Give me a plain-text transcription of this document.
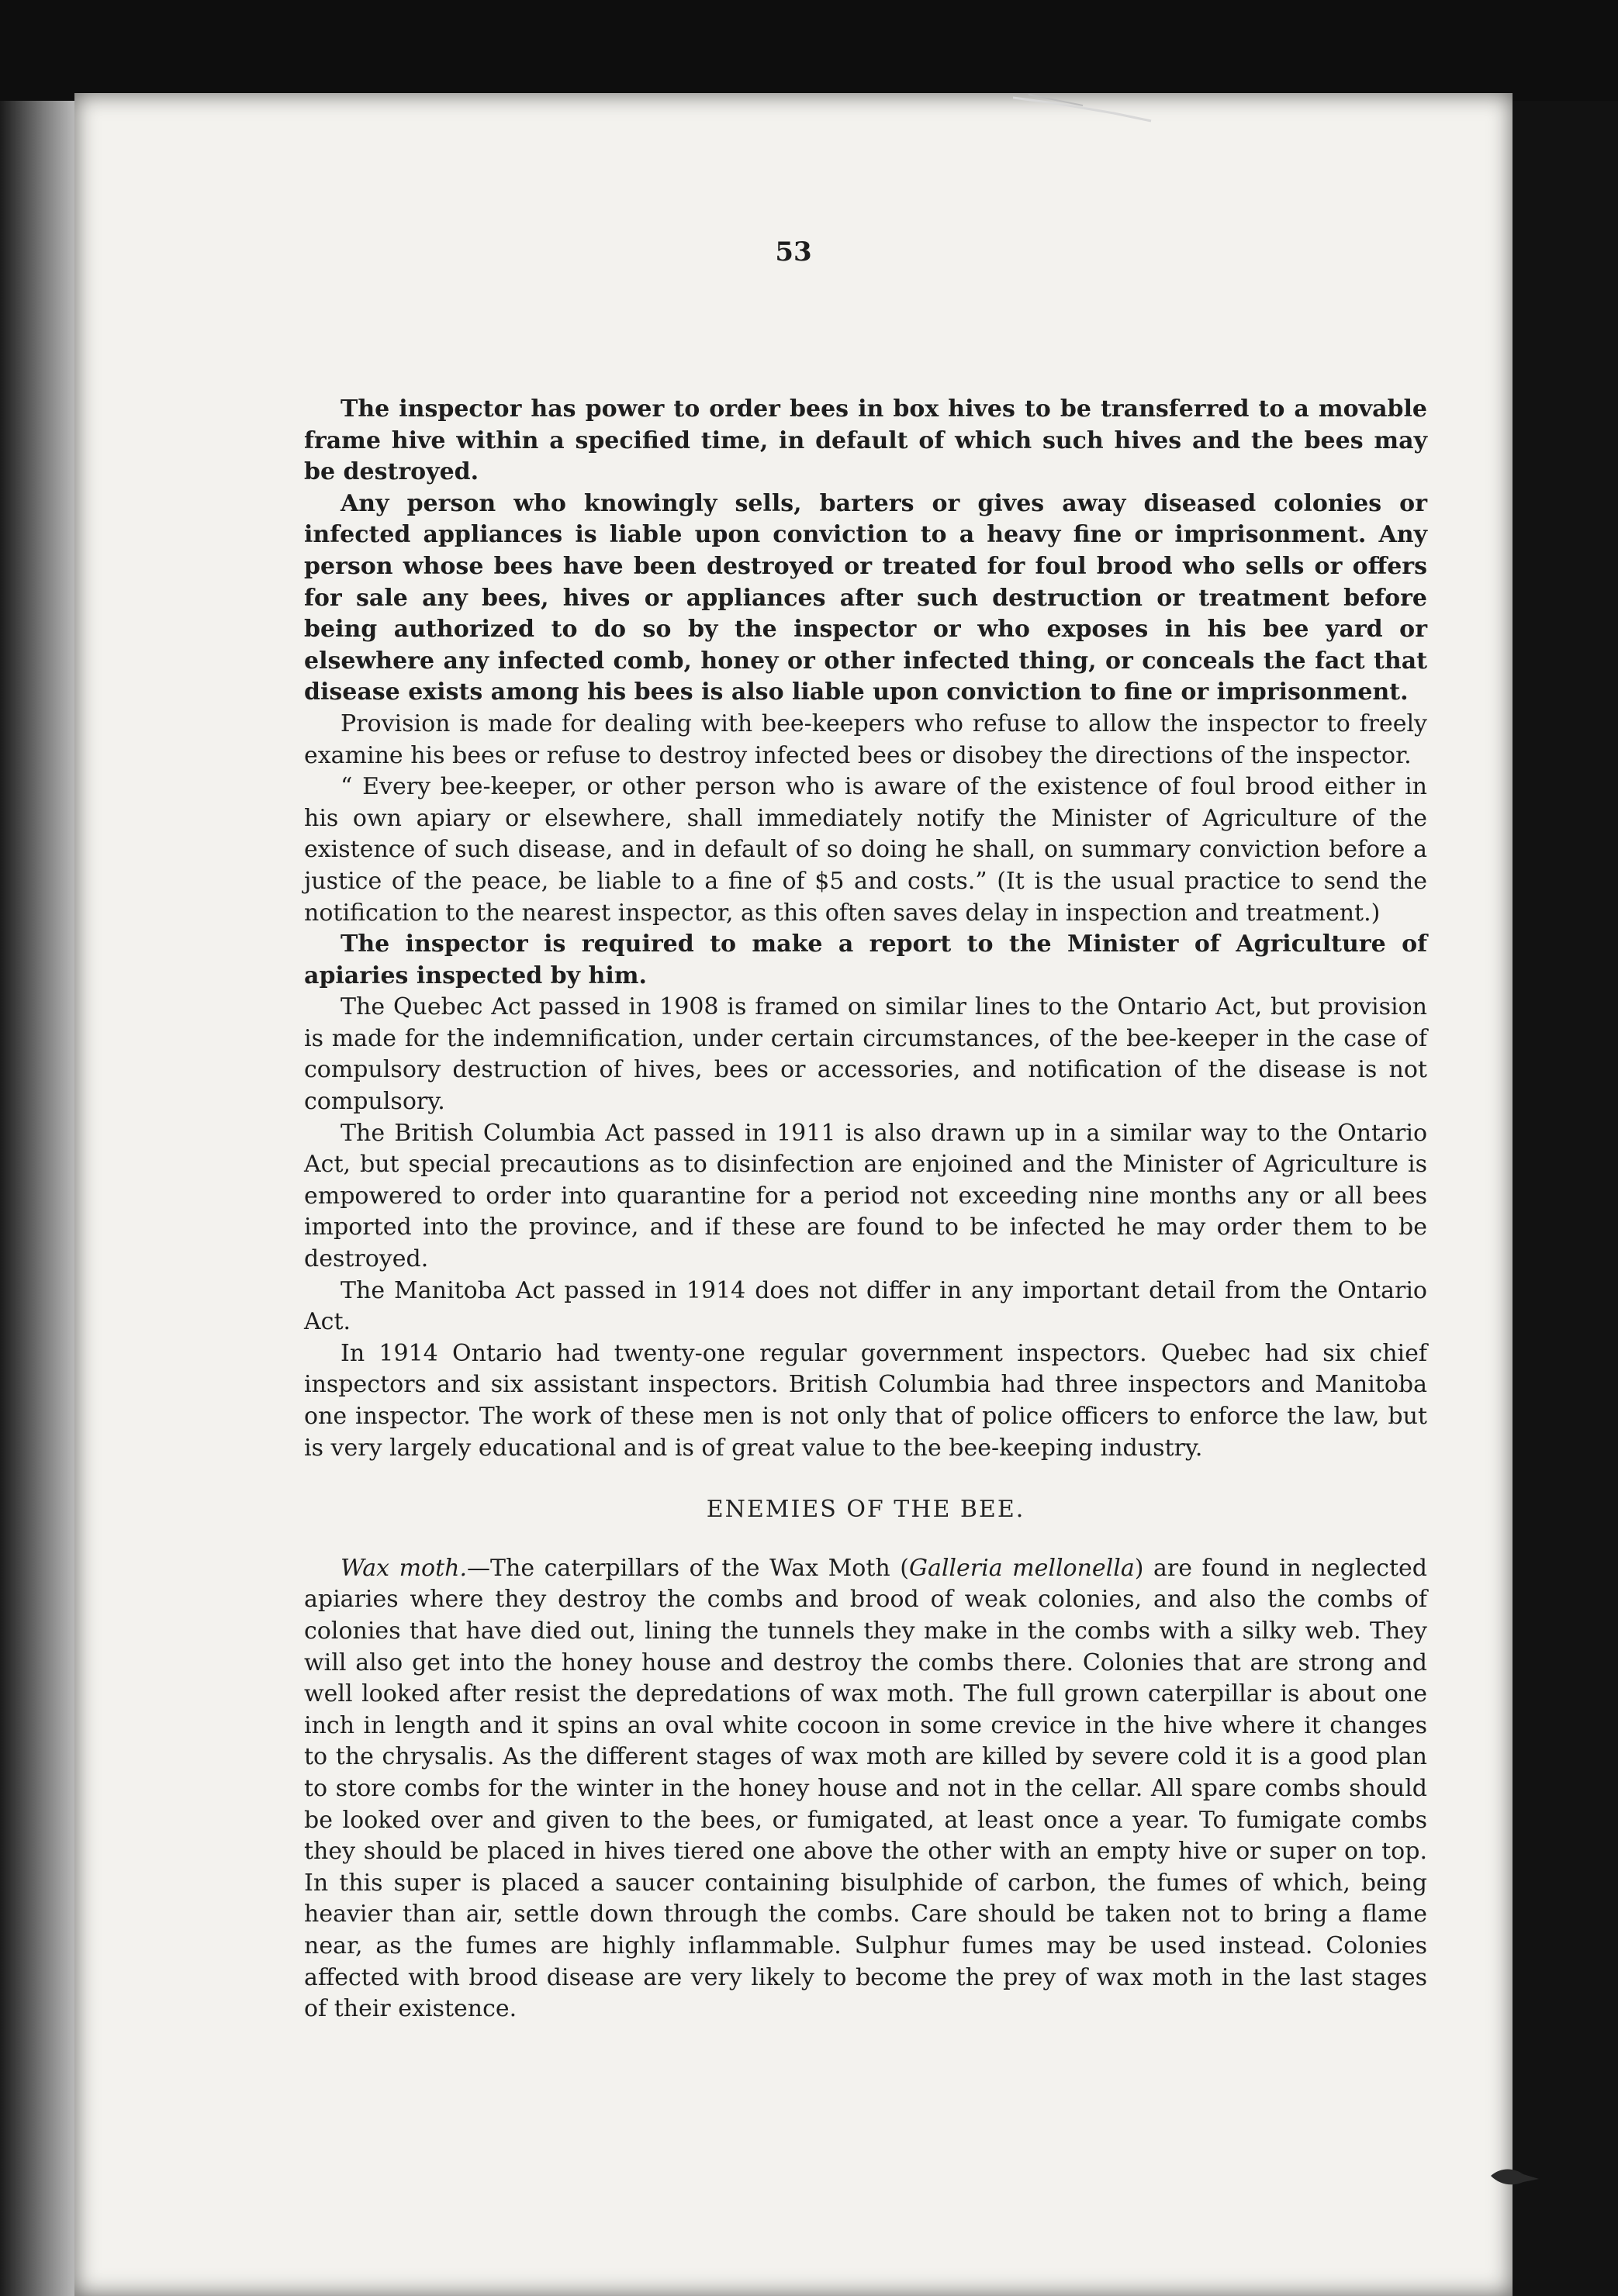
53

The inspector has power to order bees in box hives to be transferred to a movable frame hive within a specified time, in default of which such hives and the bees may be destroyed.

Any person who knowingly sells, barters or gives away diseased colonies or infected appliances is liable upon conviction to a heavy fine or imprisonment. Any person whose bees have been destroyed or treated for foul brood who sells or offers for sale any bees, hives or appliances after such destruction or treatment before being authorized to do so by the inspector or who exposes in his bee yard or elsewhere any infected comb, honey or other infected thing, or conceals the fact that disease exists among his bees is also liable upon conviction to fine or imprisonment.

Provision is made for dealing with bee-keepers who refuse to allow the inspector to freely examine his bees or refuse to destroy infected bees or disobey the directions of the inspector.

“ Every bee-keeper, or other person who is aware of the existence of foul brood either in his own apiary or elsewhere, shall immediately notify the Minister of Agriculture of the existence of such disease, and in default of so doing he shall, on summary conviction before a justice of the peace, be liable to a fine of $5 and costs.” (It is the usual practice to send the notification to the nearest inspector, as this often saves delay in inspection and treatment.)

The inspector is required to make a report to the Minister of Agriculture of apiaries inspected by him.

The Quebec Act passed in 1908 is framed on similar lines to the Ontario Act, but provision is made for the indemnification, under certain circumstances, of the bee-keeper in the case of compulsory destruction of hives, bees or accessories, and notification of the disease is not compulsory.

The British Columbia Act passed in 1911 is also drawn up in a similar way to the Ontario Act, but special precautions as to disinfection are enjoined and the Minister of Agriculture is empowered to order into quarantine for a period not exceeding nine months any or all bees imported into the province, and if these are found to be infected he may order them to be destroyed.

The Manitoba Act passed in 1914 does not differ in any important detail from the Ontario Act.

In 1914 Ontario had twenty-one regular government inspectors. Quebec had six chief inspectors and six assistant inspectors. British Columbia had three inspectors and Manitoba one inspector. The work of these men is not only that of police officers to enforce the law, but is very largely educational and is of great value to the bee-keeping industry.

ENEMIES OF THE BEE.

Wax moth.—The caterpillars of the Wax Moth (Galleria mellonella) are found in neglected apiaries where they destroy the combs and brood of weak colonies, and also the combs of colonies that have died out, lining the tunnels they make in the combs with a silky web. They will also get into the honey house and destroy the combs there. Colonies that are strong and well looked after resist the depredations of wax moth. The full grown caterpillar is about one inch in length and it spins an oval white cocoon in some crevice in the hive where it changes to the chrysalis. As the different stages of wax moth are killed by severe cold it is a good plan to store combs for the winter in the honey house and not in the cellar. All spare combs should be looked over and given to the bees, or fumigated, at least once a year. To fumigate combs they should be placed in hives tiered one above the other with an empty hive or super on top. In this super is placed a saucer containing bisulphide of carbon, the fumes of which, being heavier than air, settle down through the combs. Care should be taken not to bring a flame near, as the fumes are highly inflammable. Sulphur fumes may be used instead. Colonies affected with brood disease are very likely to become the prey of wax moth in the last stages of their existence.
